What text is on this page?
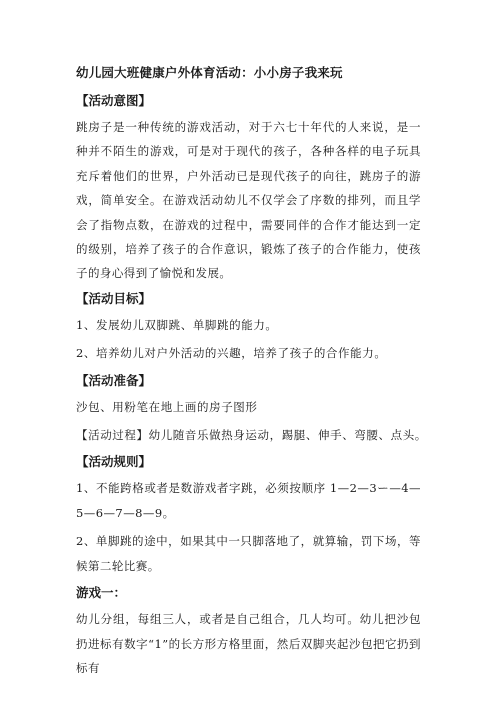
幼儿园大班健康户外体育活动：小小房子我来玩
【活动意图】

跳房子是一种传统的游戏活动，对于六七十年代的人来说，是一种并不陌生的游戏，可是对于现代的孩子，各种各样的电子玩具充斥着他们的世界，户外活动已是现代孩子的向往，跳房子的游戏，简单安全。在游戏活动幼儿不仅学会了序数的排列，而且学会了指物点数，在游戏的过程中，需要同伴的合作才能达到一定的级别，培养了孩子的合作意识，锻炼了孩子的合作能力，使孩子的身心得到了愉悦和发展。

【活动目标】

1、发展幼儿双脚跳、单脚跳的能力。

2、培养幼儿对户外活动的兴趣，培养了孩子的合作能力。

【活动准备】

沙包、用粉笔在地上画的房子图形

【活动过程】幼儿随音乐做热身运动，踢腿、伸手、弯腰、点头。

【活动规则】

1、不能跨格或者是数游戏者字跳，必须按顺序 1—2—3ー—4—5—6—7—8—9。

2、单脚跳的途中，如果其中一只脚落地了，就算输，罚下场，等候第二轮比赛。

游戏一：

幼儿分组，每组三人，或者是自己组合，几人均可。幼儿把沙包扔进标有数字“1”的长方形方格里面，然后双脚夹起沙包把它扔到标有
